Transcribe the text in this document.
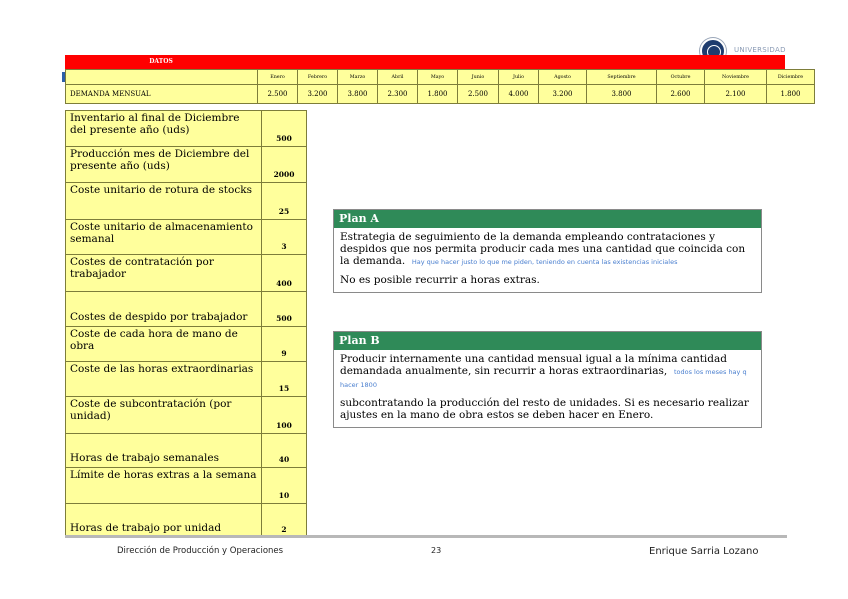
UNIVERSIDAD
DATOS
	Enero	Febrero	Marzo	Abril	Mayo	Junio	Julio	Agosto	Septiembre	Octubre	Noviembre	Diciembre
DEMANDA MENSUAL	2.500	3.200	3.800	2.300	1.800	2.500	4.000	3.200	3.800	2.600	2.100	1.800
Inventario al final de Diciembre del presente año (uds)	500
Producción mes de Diciembre del presente año (uds)	2000
Coste unitario de rotura de stocks	25
Coste unitario de almacenamiento semanal	3
Costes de contratación por trabajador	400
Costes de despido por trabajador	500
Coste de cada hora de mano de obra	9
Coste de las horas extraordinarias	15
Coste de subcontratación (por unidad)	100
Horas de trabajo semanales	40
Límite de horas extras a la semana	10
Horas de trabajo por unidad	2
Plan A

Estrategia de seguimiento de la demanda empleando contrataciones y despidos que nos permita producir cada mes una cantidad que coincida con la demanda. Hay que hacer justo lo que me piden, teniendo en cuenta las existencias iniciales

No es posible recurrir a horas extras.

Plan B

Producir internamente una cantidad mensual igual a la mínima cantidad demandada anualmente, sin recurrir a horas extraordinarias, todos los meses hay q hacer 1800

subcontratando la producción del resto de unidades. Si es necesario realizar ajustes en la mano de obra estos se deben hacer en Enero.

Dirección de Producción y Operaciones	23	Enrique Sarria Lozano
